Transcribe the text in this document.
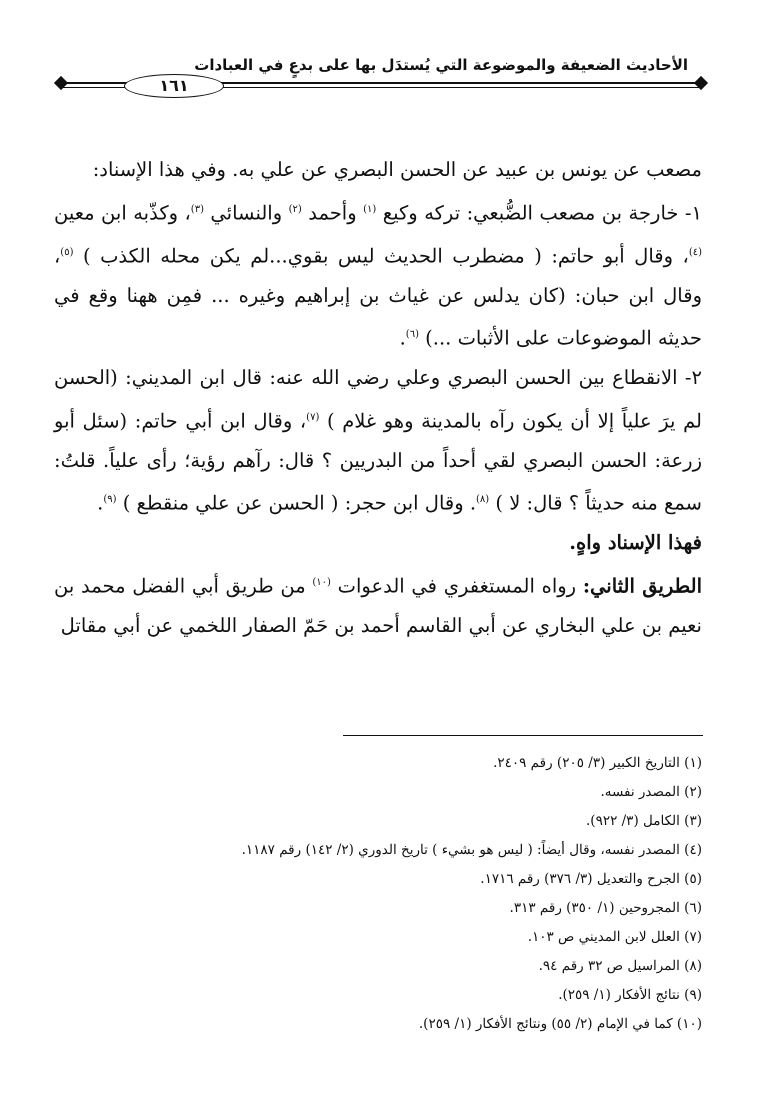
١٦١
الأحاديث الضعيفة والموضوعة التي يُستدَل بها على بدعٍ في العبادات

مصعب عن يونس بن عبيد عن الحسن البصري عن علي به. وفي هذا الإسناد:

١- خارجة بن مصعب الضُّبعي: تركه وكيع $^{(١)}$ وأحمد $^{(٢)}$ والنسائي $^{(٣)}$، وكذّبه ابن معين $^{(٤)}$، وقال أبو حاتم: ( مضطرب الحديث ليس بقوي...لم يكن محله الكذب ) $^{(٥)}$، وقال ابن حبان: (كان يدلس عن غياث بن إبراهيم وغيره ... فمِن ههنا وقع في حديثه الموضوعات على الأثبات ...) $^{(٦)}$.

٢- الانقطاع بين الحسن البصري وعلي رضي الله عنه: قال ابن المديني: (الحسن لم يرَ علياً إلا أن يكون رآه بالمدينة وهو غلام ) $^{(٧)}$، وقال ابن أبي حاتم: (سئل أبو زرعة: الحسن البصري لقي أحداً من البدريين ؟ قال: رآهم رؤية؛ رأى علياً. قلتُ: سمع منه حديثاً ؟ قال: لا ) $^{(٨)}$. وقال ابن حجر: ( الحسن عن علي منقطع ) $^{(٩)}$.

فهذا الإسناد واهٍ.

الطريق الثاني: رواه المستغفري في الدعوات $^{(١٠)}$ من طريق أبي الفضل محمد بن نعيم بن علي البخاري عن أبي القاسم أحمد بن حَمّ الصفار اللخمي عن أبي مقاتل

(١) التاريخ الكبير (٣/ ٢٠٥) رقم ٢٤٠٩.
(٢) المصدر نفسه.
(٣) الكامل (٣/ ٩٢٢).
(٤) المصدر نفسه، وقال أيضاً: ( ليس هو بشيء ) تاريخ الدوري (٢/ ١٤٢) رقم ١١٨٧.
(٥) الجرح والتعديل (٣/ ٣٧٦) رقم ١٧١٦.
(٦) المجروحين (١/ ٣٥٠) رقم ٣١٣.
(٧) العلل لابن المديني ص ١٠٣.
(٨) المراسيل ص ٣٢ رقم ٩٤.
(٩) نتائج الأفكار (١/ ٢٥٩).
(١٠) كما في الإمام (٢/ ٥٥) ونتائج الأفكار (١/ ٢٥٩).
